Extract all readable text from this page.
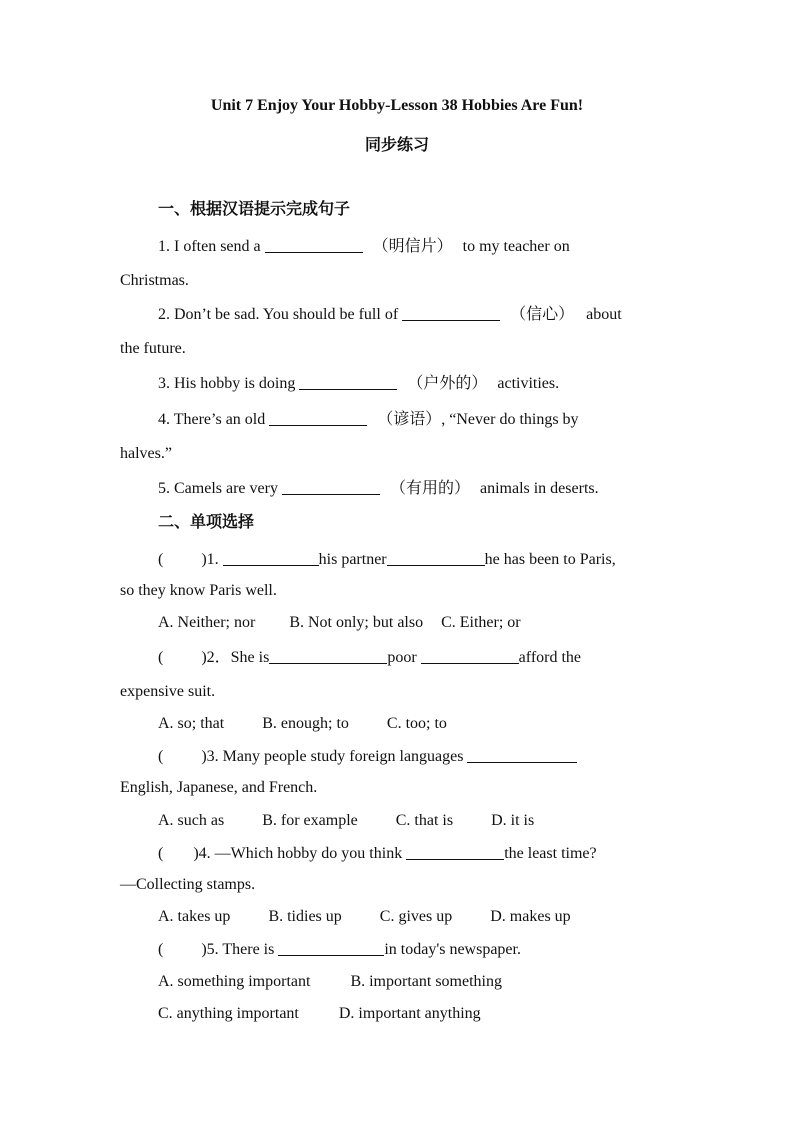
Unit 7 Enjoy Your Hobby-Lesson 38 Hobbies Are Fun!
同步练习
一、根据汉语提示完成句子
1. I often send a	（明信片） to my teacher on
Christmas.
2. Don’t be sad. You should be full of	（信心） about
the future.
3. His hobby is doing	（户外的） activities.
4. There’s an old	（谚语）, “Never do things by
halves.”
5. Camels are very	（有用的） animals in deserts.
二、单项选择
( )1.	his partner	he has been to Paris,
so they know Paris well.
A. Neither; nor B. Not only; but also C. Either; or
( )2．She is	poor	afford the
expensive suit.
A. so; that B. enough; to C. too; to
( )3. Many people study foreign languages
English, Japanese, and French.
A. such as B. for example C. that is D. it is
( )4. —Which hobby do you think	the least time?
—Collecting stamps.
A. takes up B. tidies up C. gives up D. makes up
( )5. There is	in today's newspaper.
A. something important	B. important something
C. anything important	D. important anything
